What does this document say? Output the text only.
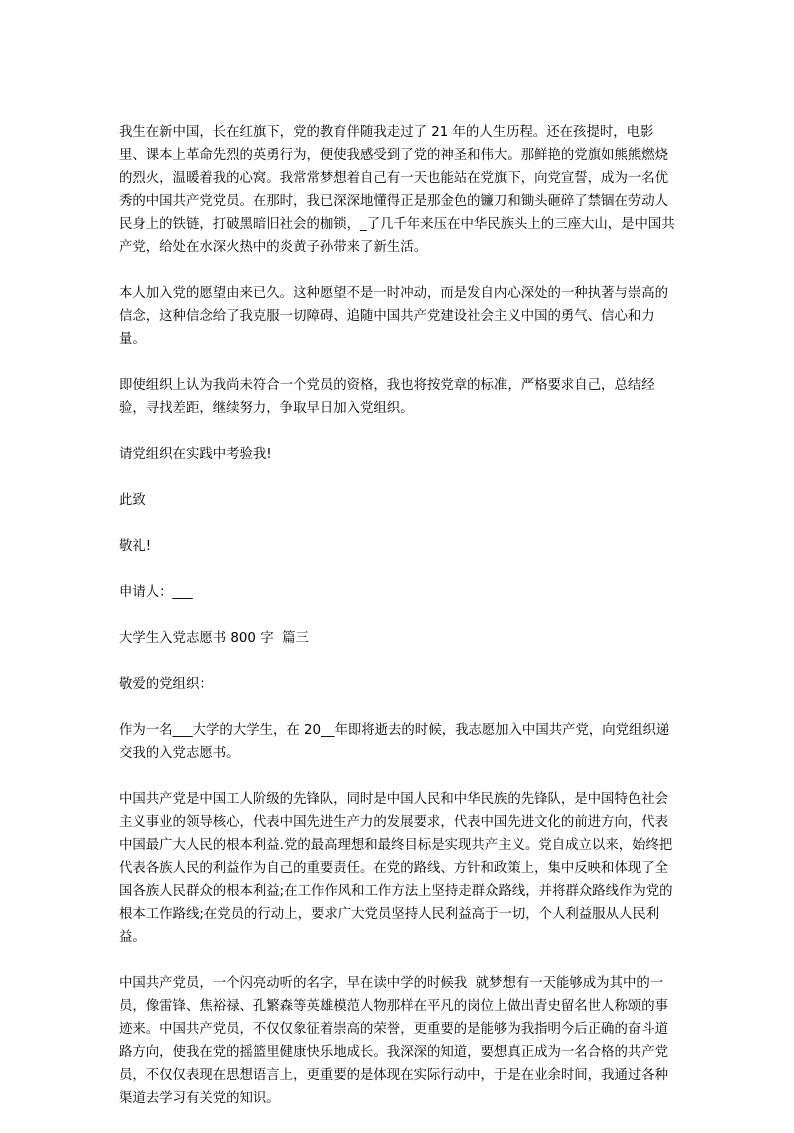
我生在新中国，长在红旗下，党的教育伴随我走过了 21 年的人生历程。还在孩提时，电影里、课本上革命先烈的英勇行为，便使我感受到了党的神圣和伟大。那鲜艳的党旗如熊熊燃烧的烈火，温暖着我的心窝。我常常梦想着自己有一天也能站在党旗下，向党宣誓，成为一名优秀的中国共产党党员。在那时，我已深深地懂得正是那金色的镰刀和锄头砸碎了禁锢在劳动人民身上的铁链，打破黑暗旧社会的枷锁，_了几千年来压在中华民族头上的三座大山，是中国共产党，给处在水深火热中的炎黄子孙带来了新生活。

本人加入党的愿望由来已久。这种愿望不是一时冲动，而是发自内心深处的一种执著与崇高的信念，这种信念给了我克服一切障碍、追随中国共产党建设社会主义中国的勇气、信心和力量。

即使组织上认为我尚未符合一个党员的资格，我也将按党章的标准，严格要求自己，总结经验，寻找差距，继续努力，争取早日加入党组织。

请党组织在实践中考验我!

此致

敬礼!

申请人：___

大学生入党志愿书 800 字  篇三

敬爱的党组织：

作为一名___大学的大学生，在 20__年即将逝去的时候，我志愿加入中国共产党，向党组织递交我的入党志愿书。

中国共产党是中国工人阶级的先锋队，同时是中国人民和中华民族的先锋队，是中国特色社会主义事业的领导核心，代表中国先进生产力的发展要求，代表中国先进文化的前进方向，代表中国最广大人民的根本利益.党的最高理想和最终目标是实现共产主义。党自成立以来，始终把代表各族人民的利益作为自己的重要责任。在党的路线、方针和政策上，集中反映和体现了全国各族人民群众的根本利益;在工作作风和工作方法上坚持走群众路线，并将群众路线作为党的根本工作路线;在党员的行动上，要求广大党员坚持人民利益高于一切，个人利益服从人民利益。

中国共产党员，一个闪亮动听的名字，早在读中学的时候我  就梦想有一天能够成为其中的一员，像雷锋、焦裕禄、孔繁森等英雄模范人物那样在平凡的岗位上做出青史留名世人称颂的事迹来。中国共产党员，不仅仅象征着崇高的荣誉，更重要的是能够为我指明今后正确的奋斗道路方向，使我在党的摇篮里健康快乐地成长。我深深的知道，要想真正成为一名合格的共产党员，不仅仅表现在思想语言上，更重要的是体现在实际行动中，于是在业余时间，我通过各种渠道去学习有关党的知识。
